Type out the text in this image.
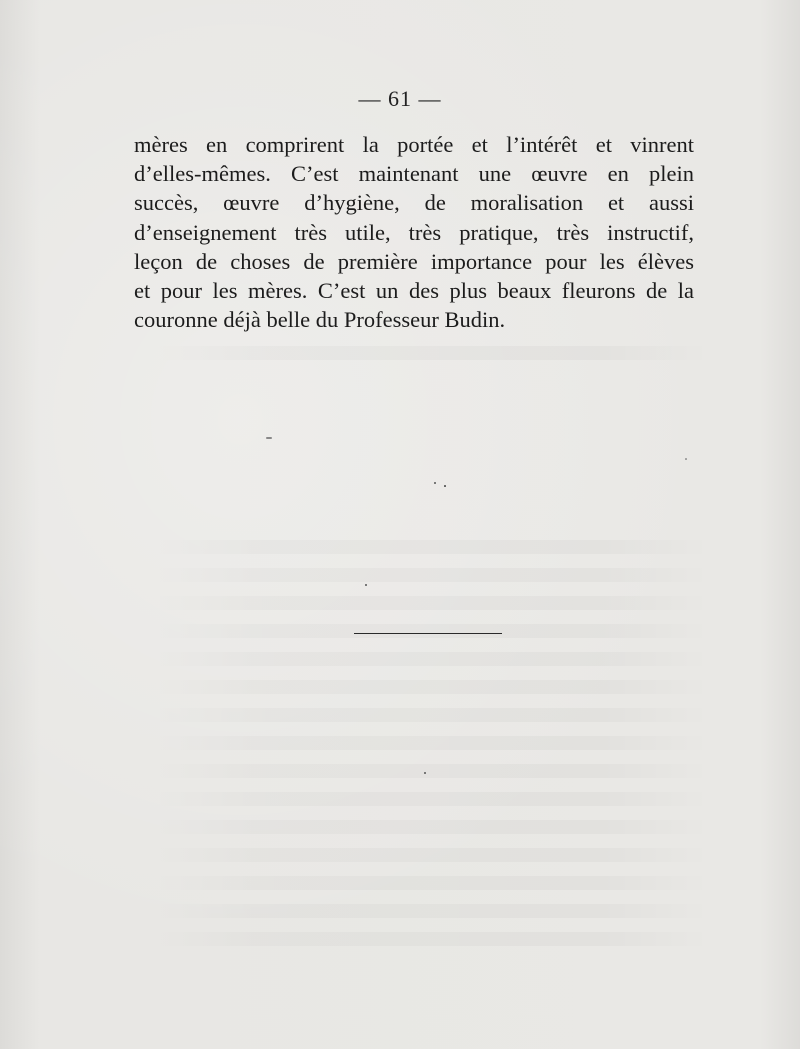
— 61 —
mères en comprirent la portée et l’intérêt et vinrent
d’elles-mêmes. C’est maintenant une œuvre en plein
succès, œuvre d’hygiène, de moralisation et aussi
d’enseignement très utile, très pratique, très instructif,
leçon de choses de première importance pour les élèves
et pour les mères. C’est un des plus beaux fleurons de la
couronne déjà belle du Professeur Budin.
